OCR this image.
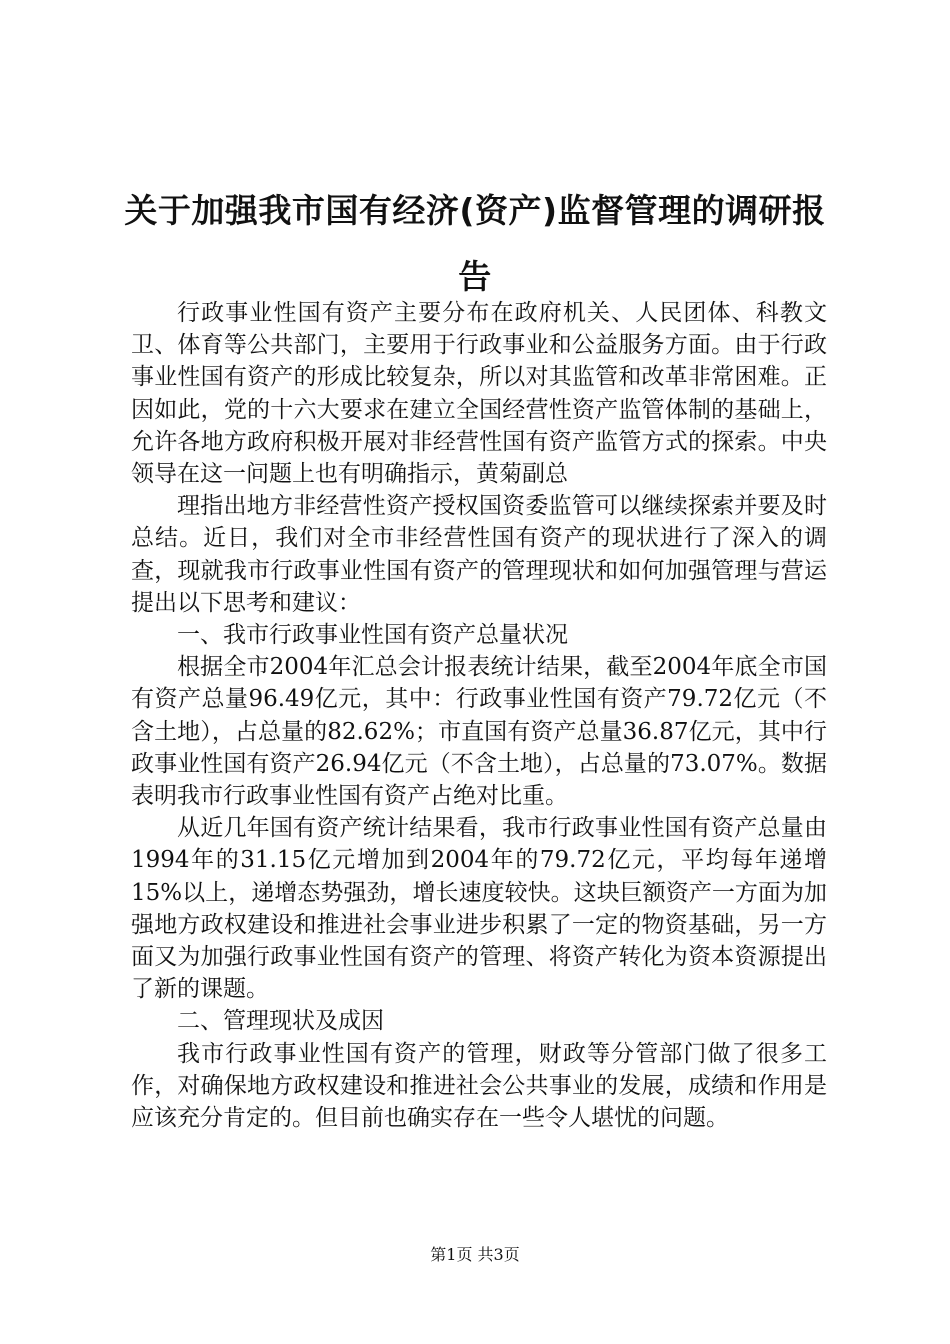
关于加强我市国有经济(资产)监督管理的调研报告

行政事业性国有资产主要分布在政府机关、人民团体、科教文卫、体育等公共部门，主要用于行政事业和公益服务方面。由于行政事业性国有资产的形成比较复杂，所以对其监管和改革非常困难。正因如此，党的十六大要求在建立全国经营性资产监管体制的基础上，允许各地方政府积极开展对非经营性国有资产监管方式的探索。中央领导在这一问题上也有明确指示，黄菊副总

理指出地方非经营性资产授权国资委监管可以继续探索并要及时总结。近日，我们对全市非经营性国有资产的现状进行了深入的调查，现就我市行政事业性国有资产的管理现状和如何加强管理与营运提出以下思考和建议：

一、我市行政事业性国有资产总量状况

根据全市2004年汇总会计报表统计结果，截至2004年底全市国有资产总量96.49亿元，其中：行政事业性国有资产79.72亿元（不含土地），占总量的82.62%；市直国有资产总量36.87亿元，其中行政事业性国有资产26.94亿元（不含土地），占总量的73.07%。数据表明我市行政事业性国有资产占绝对比重。

从近几年国有资产统计结果看，我市行政事业性国有资产总量由1994年的31.15亿元增加到2004年的79.72亿元，平均每年递增15%以上，递增态势强劲，增长速度较快。这块巨额资产一方面为加强地方政权建设和推进社会事业进步积累了一定的物资基础，另一方面又为加强行政事业性国有资产的管理、将资产转化为资本资源提出了新的课题。

二、管理现状及成因

我市行政事业性国有资产的管理，财政等分管部门做了很多工作，对确保地方政权建设和推进社会公共事业的发展，成绩和作用是应该充分肯定的。但目前也确实存在一些令人堪忧的问题。

第1页 共3页
